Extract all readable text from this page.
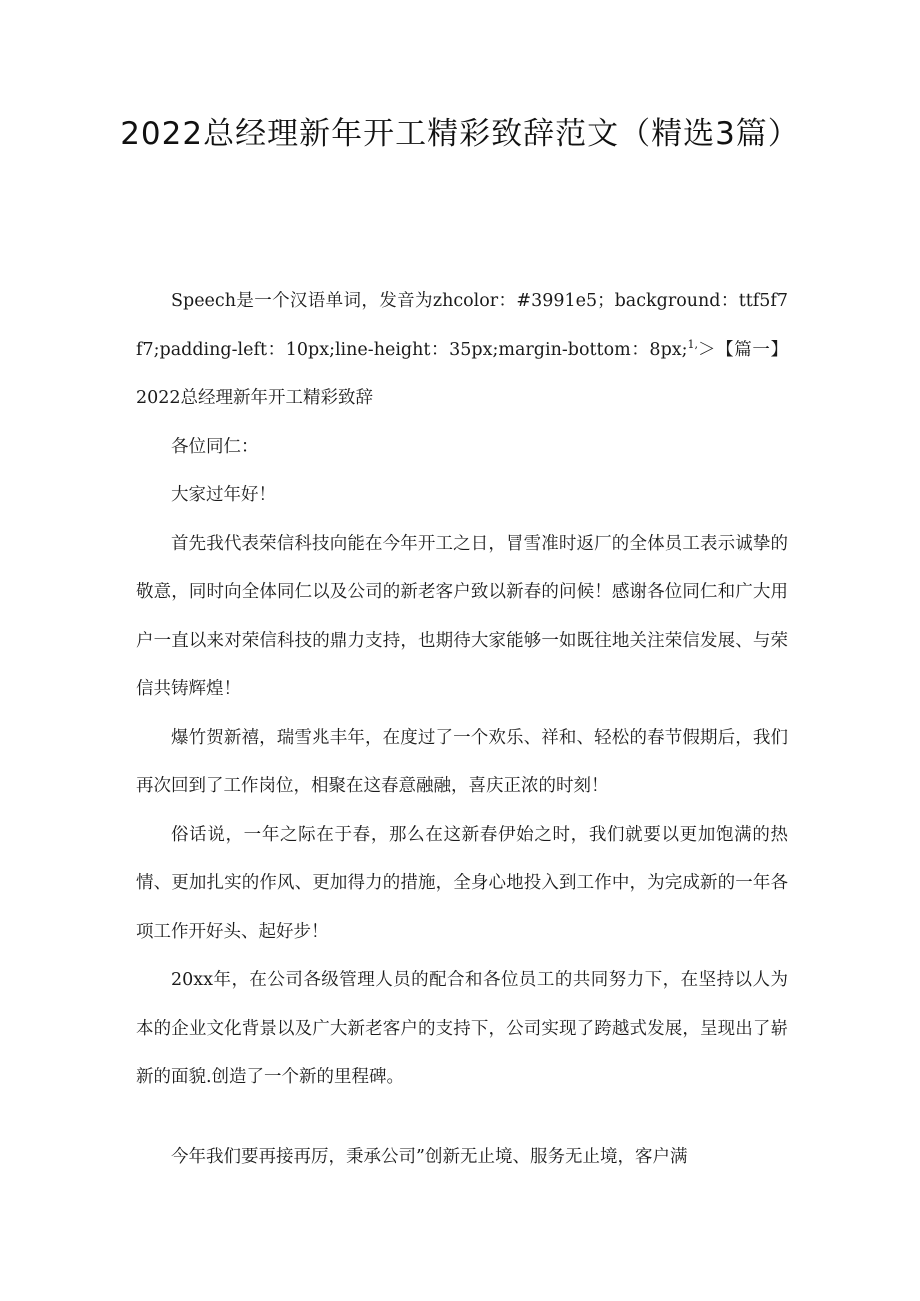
2022总经理新年开工精彩致辞范文（精选3篇）

Speech是一个汉语单词，发音为zhcolor：#3991e5；background：ttf5f7f7;padding-left：10px;line-height：35px;margin-bottom：8px;$^{1,}$＞【篇一】2022总经理新年开工精彩致辞

各位同仁：

大家过年好！

首先我代表荣信科技向能在今年开工之日，冒雪准时返厂的全体员工表示诚挚的敬意，同时向全体同仁以及公司的新老客户致以新春的问候！感谢各位同仁和广大用户一直以来对荣信科技的鼎力支持，也期待大家能够一如既往地关注荣信发展、与荣信共铸辉煌！

爆竹贺新禧，瑞雪兆丰年，在度过了一个欢乐、祥和、轻松的春节假期后，我们再次回到了工作岗位，相聚在这春意融融，喜庆正浓的时刻！

俗话说，一年之际在于春，那么在这新春伊始之时，我们就要以更加饱满的热情、更加扎实的作风、更加得力的措施，全身心地投入到工作中，为完成新的一年各项工作开好头、起好步！

20xx年，在公司各级管理人员的配合和各位员工的共同努力下，在坚持以人为本的企业文化背景以及广大新老客户的支持下，公司实现了跨越式发展，呈现出了崭新的面貌.创造了一个新的里程碑。

今年我们要再接再厉，秉承公司”创新无止境、服务无止境，客户满
